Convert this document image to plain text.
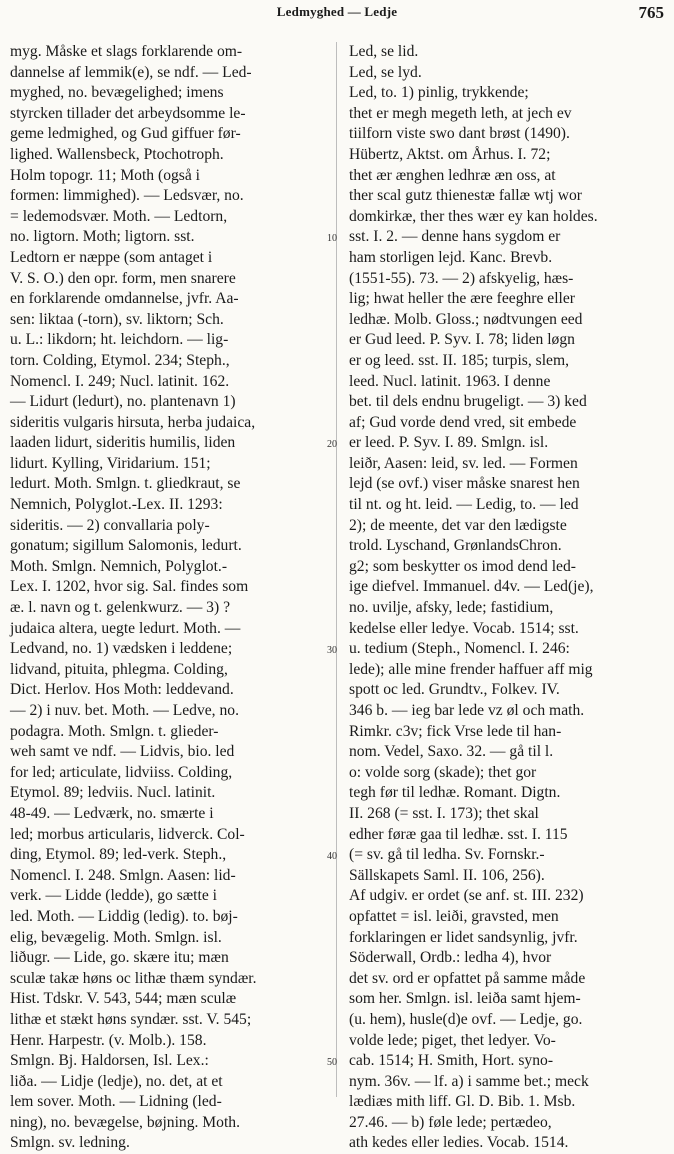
Ledmyghed — Ledje	765
myg. Måske et slags forklarende om-
dannelse af lemmik(e), se ndf. — Led-
myghed, no. bevægelighed; imens
styrcken tillader det arbeydsomme le-
geme ledmighed, og Gud giffuer før-
lighed. Wallensbeck, Ptochotroph.
Holm topogr. 11; Moth (også i
formen: limmighed). — Ledsvær, no.
= ledemodsvær. Moth. — Ledtorn,
no. ligtorn. Moth; ligtorn. sst.
Ledtorn er næppe (som antaget i
V. S. O.) den opr. form, men snarere
en forklarende omdannelse, jvfr. Aa-
sen: liktaa (-torn), sv. liktorn; Sch.
u. L.: likdorn; ht. leichdorn. — lig-
torn. Colding, Etymol. 234; Steph.,
Nomencl. I. 249; Nucl. latinit. 162.
— Lidurt (ledurt), no. plantenavn 1)
sideritis vulgaris hirsuta, herba judaica,
laaden lidurt, sideritis humilis, liden
lidurt. Kylling, Viridarium. 151;
ledurt. Moth. Smlgn. t. gliedkraut, se
Nemnich, Polyglot.-Lex. II. 1293:
sideritis. — 2) convallaria poly-
gonatum; sigillum Salomonis, ledurt.
Moth. Smlgn. Nemnich, Polyglot.-
Lex. I. 1202, hvor sig. Sal. findes som
æ. l. navn og t. gelenkwurz. — 3) ?
judaica altera, uegte ledurt. Moth. —
Ledvand, no. 1) vædsken i leddene;
lidvand, pituita, phlegma. Colding,
Dict. Herlov. Hos Moth: leddevand.
— 2) i nuv. bet. Moth. — Ledve, no.
podagra. Moth. Smlgn. t. glieder-
weh samt ve ndf. — Lidvis, bio. led
for led; articulate, lidviiss. Colding,
Etymol. 89; ledviis. Nucl. latinit.
48-49. — Ledværk, no. smærte i
led; morbus articularis, lidverck. Col-
ding, Etymol. 89; led-verk. Steph.,
Nomencl. I. 248. Smlgn. Aasen: lid-
verk. — Lidde (ledde), go sætte i
led. Moth. — Liddig (ledig). to. bøj-
elig, bevægelig. Moth. Smlgn. isl.
liðugr. — Lide, go. skære itu; mæn
sculæ takæ høns oc lithæ thæm syndær.
Hist. Tdskr. V. 543, 544; mæn sculæ
lithæ et stækt høns syndær. sst. V. 545;
Henr. Harpestr. (v. Molb.). 158.
Smlgn. Bj. Haldorsen, Isl. Lex.:
liða. — Lidje (ledje), no. det, at et
lem sover. Moth. — Lidning (led-
ning), no. bevægelse, bøjning. Moth.
Smlgn. sv. ledning.
Led, se lid.
Led, se lyd.
Led, to. 1) pinlig, trykkende;
thet er megh megeth leth, at jech ev
tiilforn viste swo dant brøst (1490).
Hübertz, Aktst. om Århus. I. 72;
thet ær ænghen ledhræ æn oss, at
ther scal gutz thienestæ fallæ wtj wor
domkirkæ, ther thes wær ey kan holdes.
sst. I. 2. — denne hans sygdom er
ham storligen lejd. Kanc. Brevb.
(1551-55). 73. — 2) afskyelig, hæs-
lig; hwat heller the ære feeghre eller
ledhæ. Molb. Gloss.; nødtvungen eed
er Gud leed. P. Syv. I. 78; liden løgn
er og leed. sst. II. 185; turpis, slem,
leed. Nucl. latinit. 1963. I denne
bet. til dels endnu brugeligt. — 3) ked
af; Gud vorde dend vred, sit embede
er leed. P. Syv. I. 89. Smlgn. isl.
leiðr, Aasen: leid, sv. led. — Formen
lejd (se ovf.) viser måske snarest hen
til nt. og ht. leid. — Ledig, to. — led
2); de meente, det var den lædigste
trold. Lyschand, GrønlandsChron.
g2; som beskytter os imod dend led-
ige diefvel. Immanuel. d4v. — Led(je),
no. uvilje, afsky, lede; fastidium,
kedelse eller ledye. Vocab. 1514; sst.
u. tedium (Steph., Nomencl. I. 246:
lede); alle mine frender haffuer aff mig
spott oc led. Grundtv., Folkev. IV.
346 b. — ieg bar lede vz øl och math.
Rimkr. c3v; fick Vrse lede til han-
nom. Vedel, Saxo. 32. — gå til l.
o: volde sorg (skade); thet gor
tegh før til ledhæ. Romant. Digtn.
II. 268 (= sst. I. 173); thet skal
edher føræ gaa til ledhæ. sst. I. 115
(= sv. gå til ledha. Sv. Fornskr.-
Sällskapets Saml. II. 106, 256).
Af udgiv. er ordet (se anf. st. III. 232)
opfattet = isl. leiði, gravsted, men
forklaringen er lidet sandsynlig, jvfr.
Söderwall, Ordb.: ledha 4), hvor
det sv. ord er opfattet på samme måde
som her. Smlgn. isl. leiða samt hjem-
(u. hem), husle(d)e ovf. — Ledje, go.
volde lede; piget, thet ledyer. Vo-
cab. 1514; H. Smith, Hort. syno-
nym. 36v. — lf. a) i samme bet.; meck
lædiæs mith liff. Gl. D. Bib. 1. Msb.
27.46. — b) føle lede; pertædeo,
ath kedes eller ledies. Vocab. 1514.
10
20
30
40
50
